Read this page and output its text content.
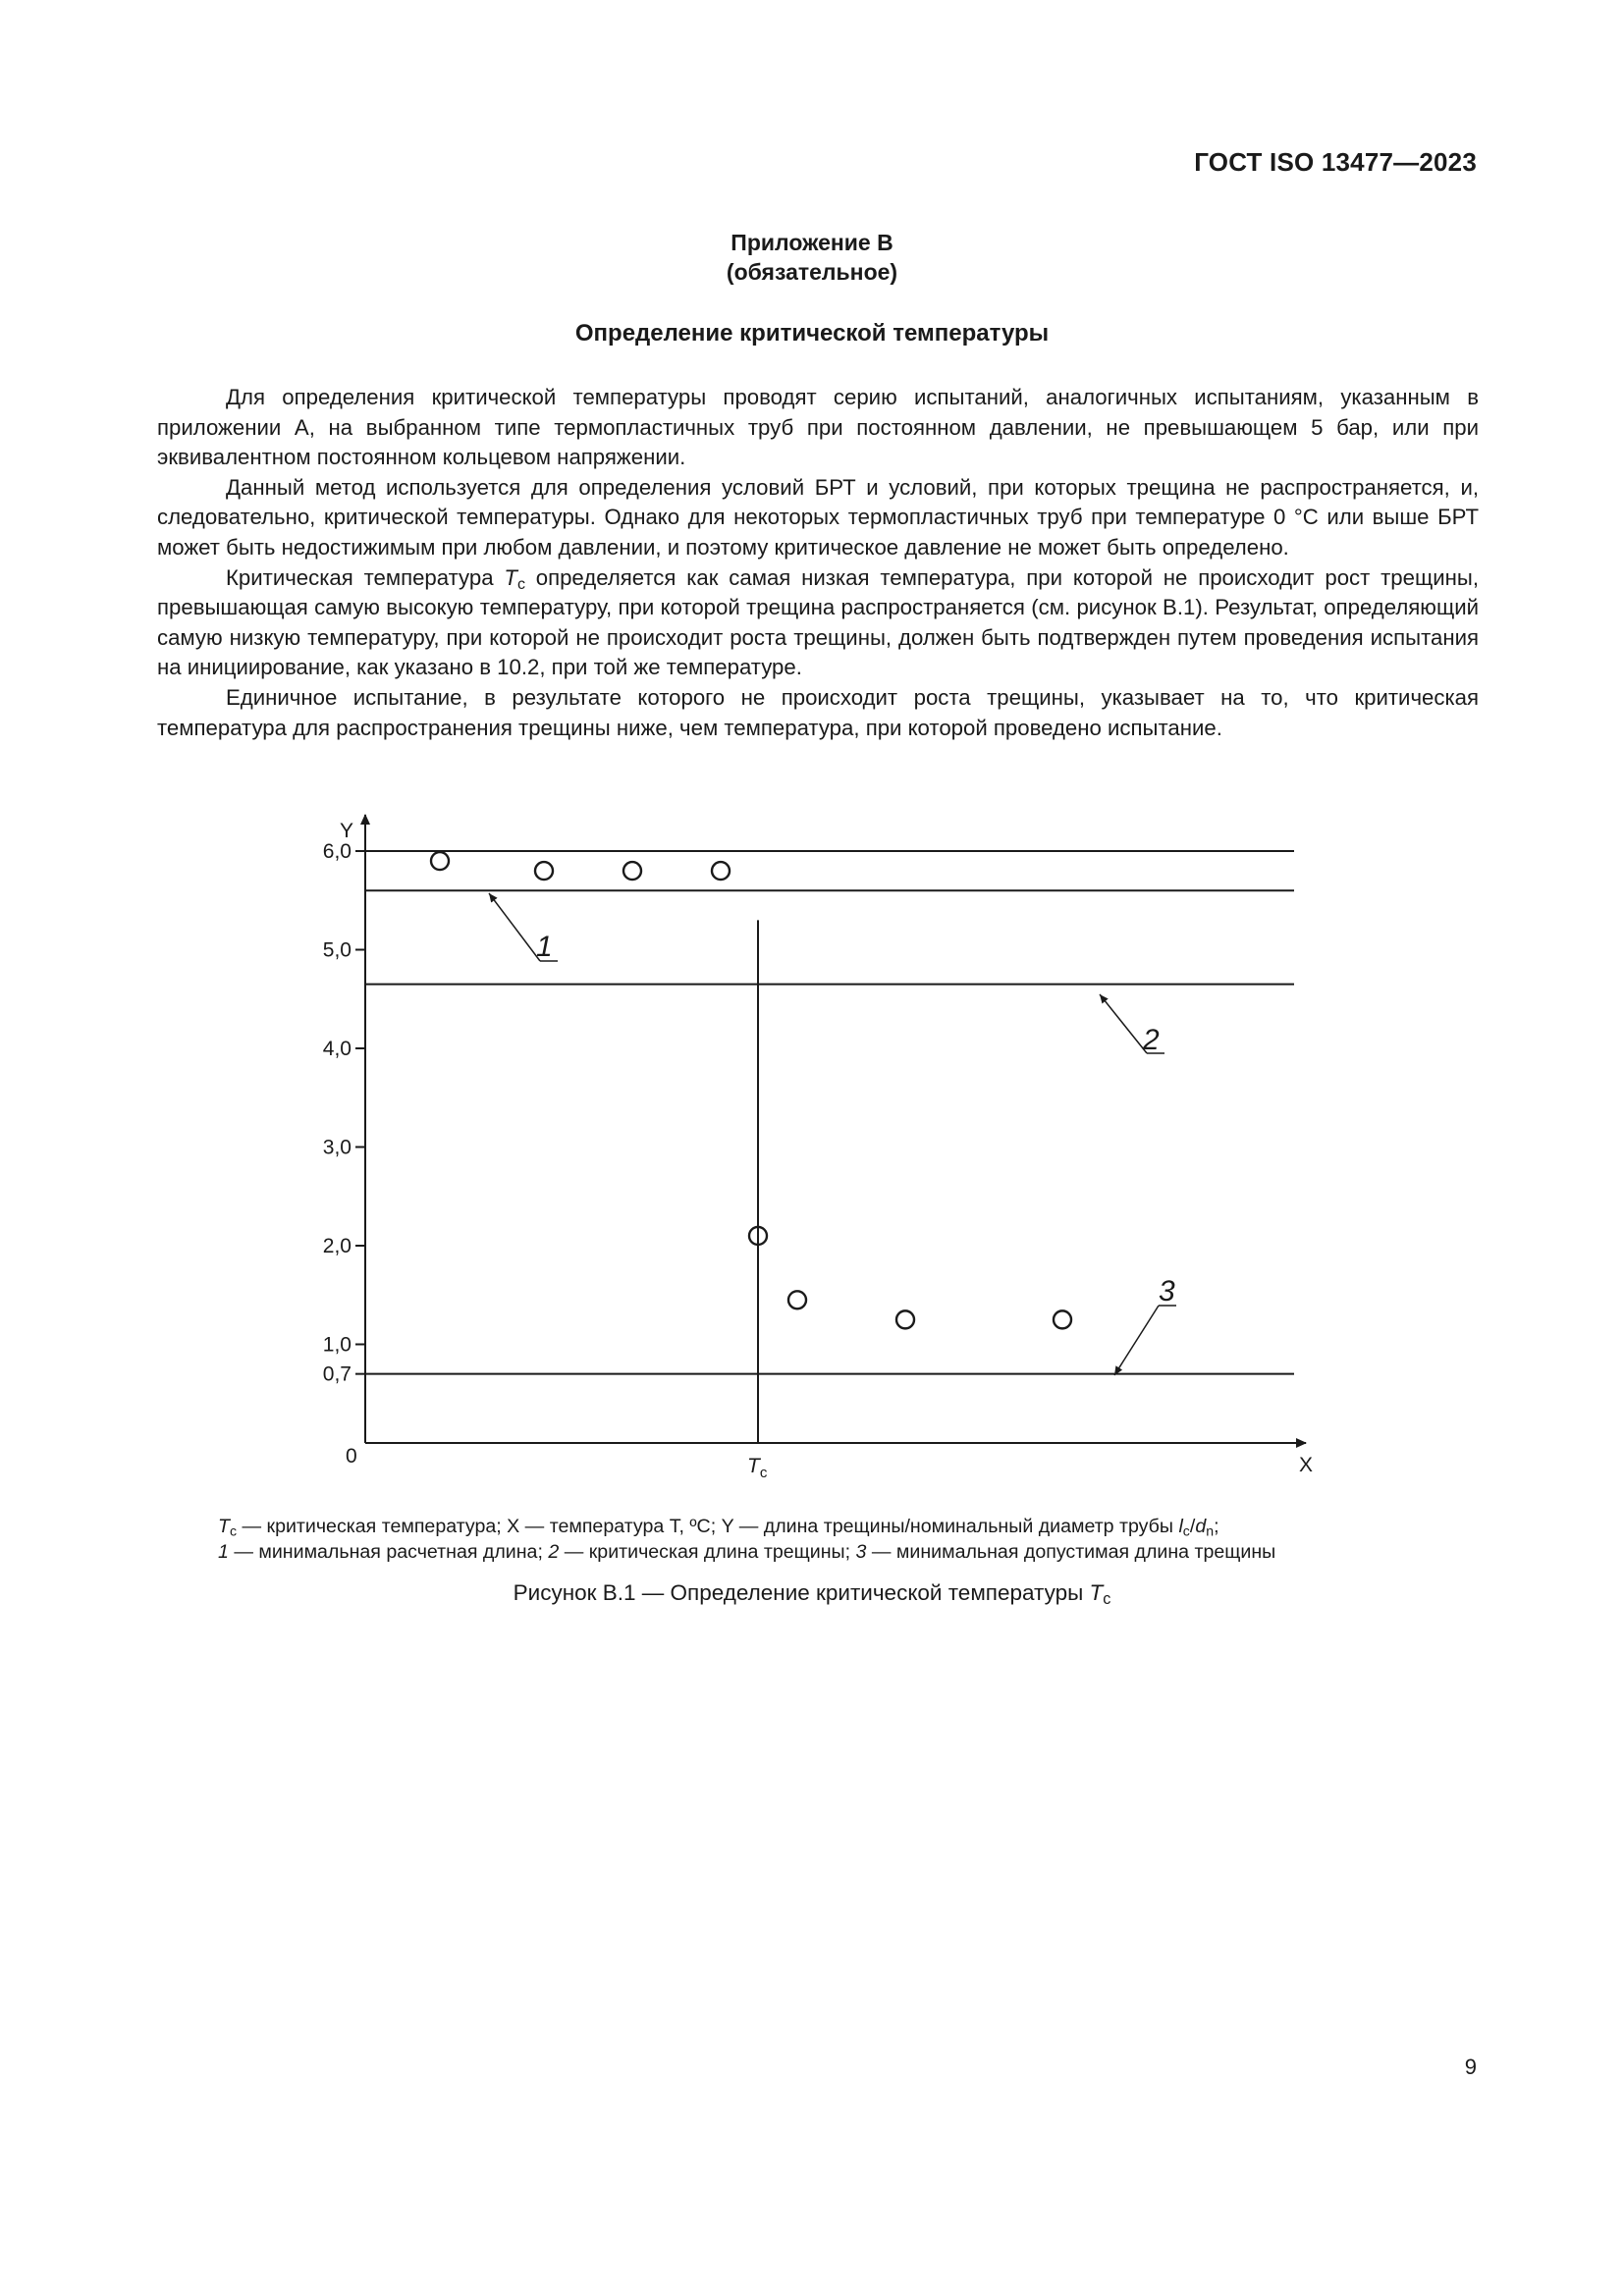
ГОСТ ISO 13477—2023
Приложение B
(обязательное)
Определение критической температуры

Для определения критической температуры проводят серию испытаний, аналогичных испытаниям, указанным в приложении А, на выбранном типе термопластичных труб при постоянном давлении, не превышающем 5 бар, или при эквивалентном постоянном кольцевом напряжении.

Данный метод используется для определения условий БРТ и условий, при которых трещина не распространяется, и, следовательно, критической температуры. Однако для некоторых термопластичных труб при температуре 0 °С или выше БРТ может быть недостижимым при любом давлении, и поэтому критическое давление не может быть определено.

Критическая температура $T_c$ определяется как самая низкая температура, при которой не происходит рост трещины, превышающая самую высокую температуру, при которой трещина распространяется (см. рисунок B.1). Результат, определяющий самую низкую температуру, при которой не происходит роста трещины, должен быть подтвержден путем проведения испытания на инициирование, как указано в 10.2, при той же температуре.

Единичное испытание, в результате которого не происходит роста трещины, указывает на то, что критическая температура для распространения трещины ниже, чем температура, при которой проведено испытание.

Y
X
0
6,0
5,0
4,0
3,0
2,0
1,0
0,7
$T_c$
1
2
3

$T_c$ — критическая температура; X — температура T, ºС; Y — длина трещины/номинальный диаметр трубы $l_c/d_n$;

1 — минимальная расчетная длина; 2 — критическая длина трещины; 3 — минимальная допустимая длина трещины

Рисунок B.1 — Определение критической температуры $T_c$
9
